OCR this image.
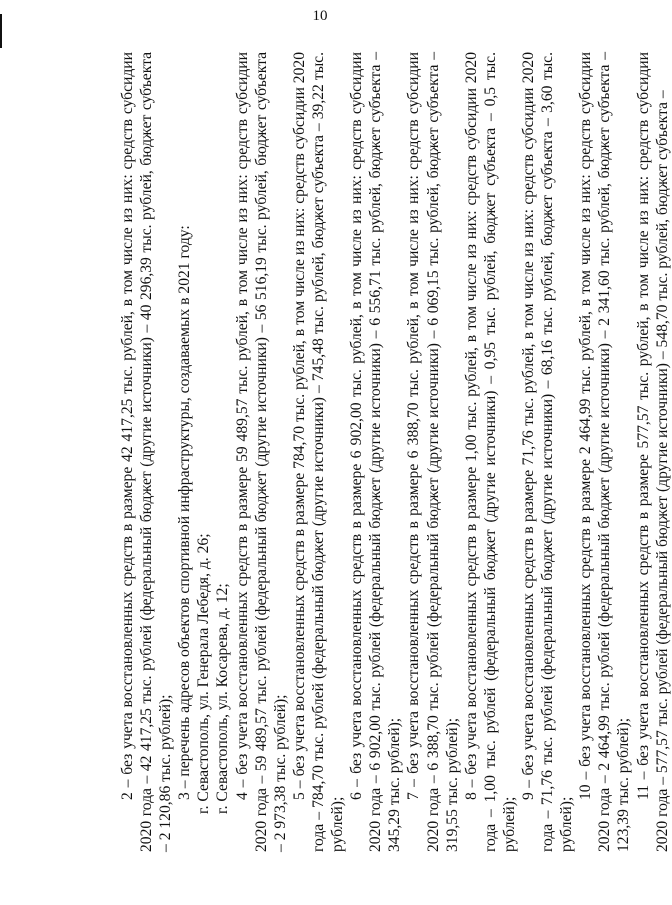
10

2 – без учета восстановленных средств в размере 42 417,25 тыс. рублей, в том числе из них: средств субсидии 2020 года – 42 417,25 тыс. рублей (федеральный бюджет (другие источники) – 40 296,39 тыс. рублей, бюджет субъекта – 2 120,86 тыс. рублей); 3 – перечень адресов объектов спортивной инфраструктуры, создаваемых в 2021 году: г. Севастополь, ул. Генерала Лебедя, д. 26; г. Севастополь, ул. Косарева, д. 12; 4 – без учета восстановленных средств в размере 59 489,57 тыс. рублей, в том числе из них: средств субсидии 2020 года – 59 489,57 тыс. рублей (федеральный бюджет (другие источники) – 56 516,19 тыс. рублей, бюджет субъекта – 2 973,38 тыс. рублей); 5 – без учета восстановленных средств в размере 784,70 тыс. рублей, в том числе из них: средств субсидии 2020 года – 784,70 тыс. рублей (федеральный бюджет (другие источники) – 745,48 тыс. рублей, бюджет субъекта – 39,22 тыс. рублей);

6 – без учета восстановленных средств в размере 6 902,00 тыс. рублей, в том числе из них: средств субсидии 2020 года – 6 902,00 тыс. рублей (федеральный бюджет (другие источники) – 6 556,71 тыс. рублей, бюджет субъекта – 345,29 тыс. рублей); 7 – без учета восстановленных средств в размере 6 388,70 тыс. рублей, в том числе из них: средств субсидии 2020 года – 6 388,70 тыс. рублей (федеральный бюджет (другие источники) – 6 069,15 тыс. рублей, бюджет субъекта – 319,55 тыс. рублей); 8 – без учета восстановленных средств в размере 1,00 тыс. рублей, в том числе из них: средств субсидии 2020 года – 1,00 тыс. рублей (федеральный бюджет (другие источники) – 0,95 тыс. рублей, бюджет субъекта – 0,5 тыс. рублей);

9 – без учета восстановленных средств в размере 71,76 тыс. рублей, в том числе из них: средств субсидии 2020 года – 71,76 тыс. рублей (федеральный бюджет (другие источники) – 68,16 тыс. рублей, бюджет субъекта – 3,60 тыс. рублей);

10 – без учета восстановленных средств в размере 2 464,99 тыс. рублей, в том числе из них: средств субсидии 2020 года – 2 464,99 тыс. рублей (федеральный бюджет (другие источники) – 2 341,60 тыс. рублей, бюджет субъекта – 123,39 тыс. рублей); 11 – без учета восстановленных средств в размере 577,57 тыс. рублей, в том числе из них: средств субсидии 2020 года – 577,57 тыс. рублей (федеральный бюджет (другие источники) – 548,70 тыс. рублей, бюджет субъекта –
